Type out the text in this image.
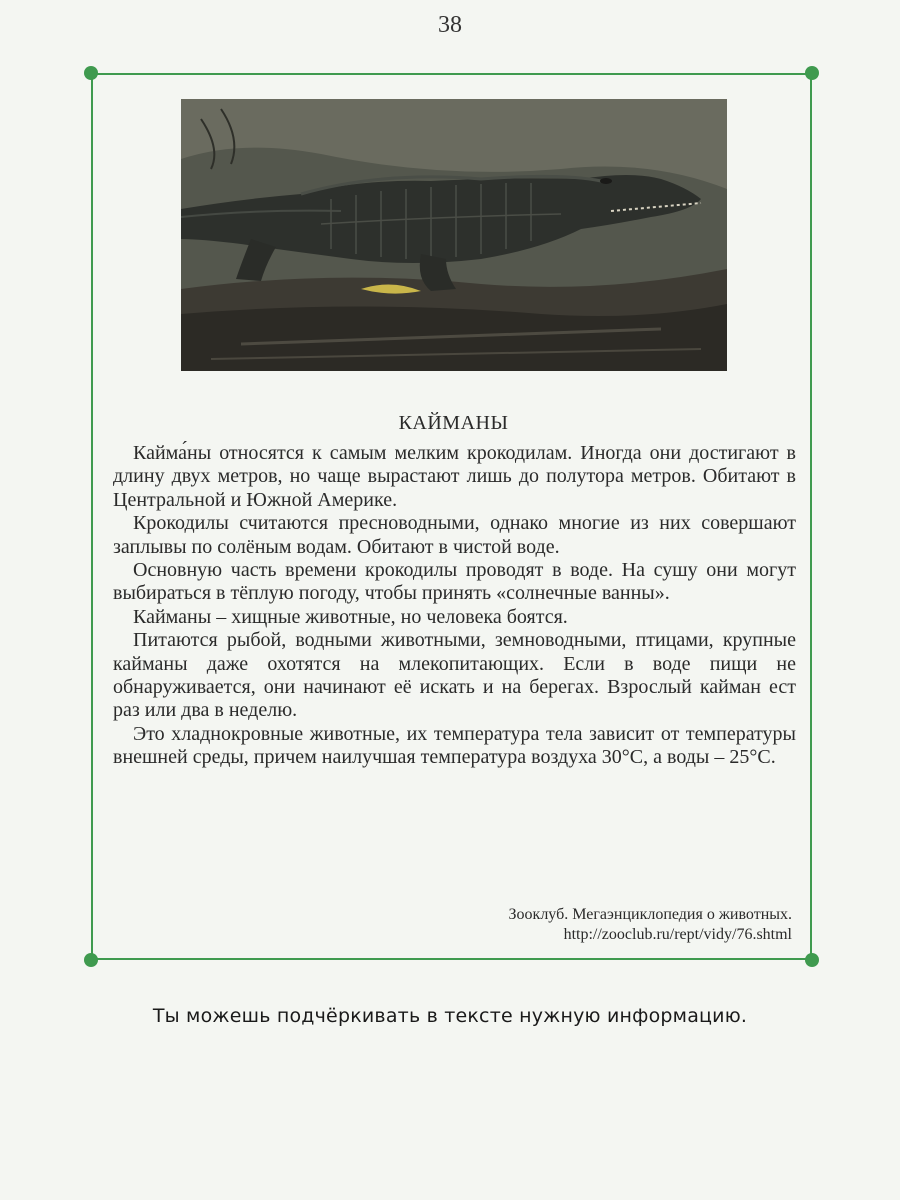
38
КАЙМАНЫ

Кайма́ны относятся к самым мелким крокодилам. Иногда они достигают в длину двух метров, но чаще вырастают лишь до полутора метров. Обитают в Центральной и Южной Америке.

Крокодилы считаются пресноводными, однако многие из них совершают заплывы по солёным водам. Обитают в чистой воде.

Основную часть времени крокодилы проводят в воде. На сушу они могут выбираться в тёплую погоду, чтобы принять «солнечные ванны».

Кайманы – хищные животные, но человека боятся.

Питаются рыбой, водными животными, земноводными, птицами, крупные кайманы даже охотятся на млекопитающих. Если в воде пищи не обнаруживается, они начинают её искать и на берегах. Взрослый кайман ест раз или два в неделю.

Это хладнокровные животные, их температура тела зависит от температуры внешней среды, причем наилучшая температура воздуха 30°С, а воды – 25°С.

Зооклуб. Мегаэнциклопедия о животных.
http://zooclub.ru/rept/vidy/76.shtml
Ты можешь подчёркивать в тексте нужную информацию.
